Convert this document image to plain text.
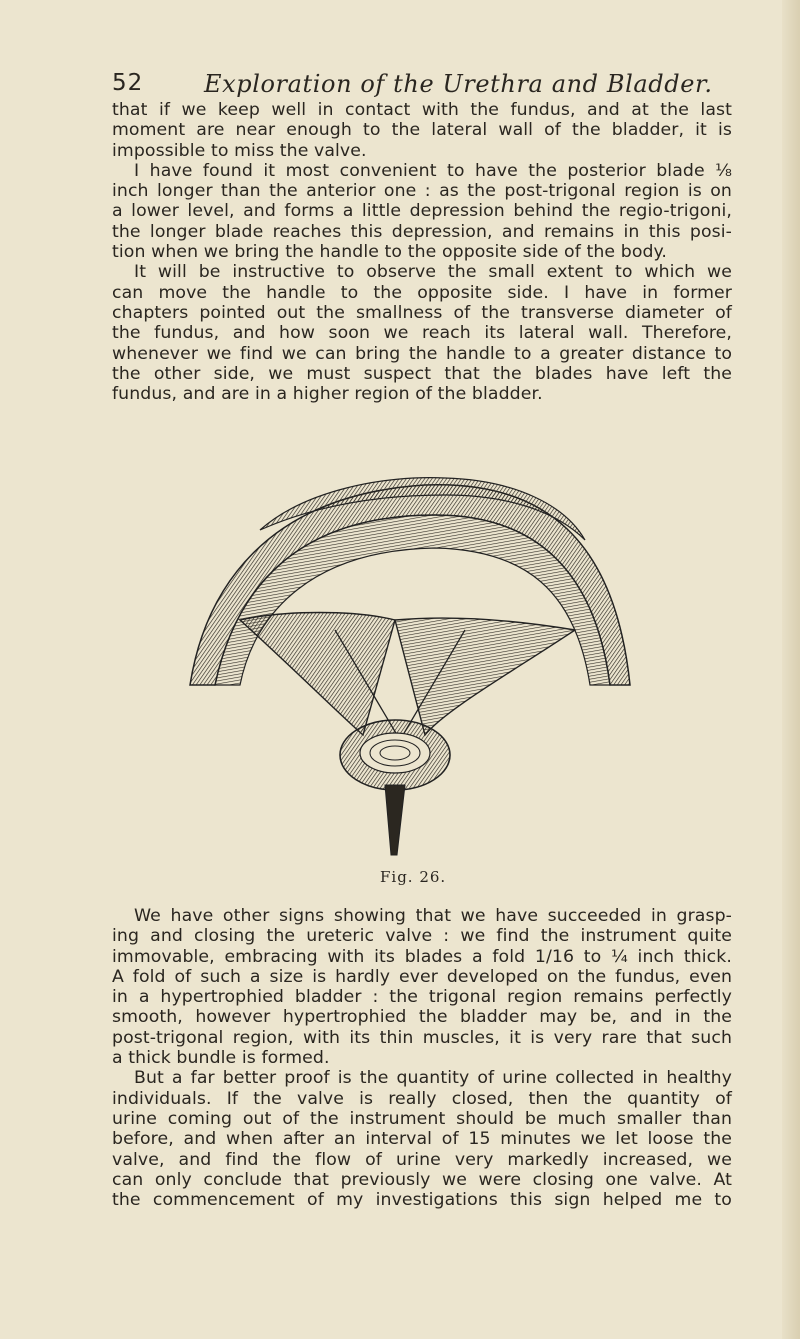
52	Exploration of the Urethra and Bladder.
that if we keep well in contact with the fundus, and at the last
moment are near enough to the lateral wall of the bladder, it is
impossible to miss the valve.
I have found it most convenient to have the posterior blade ⅛
inch longer than the anterior one : as the post-trigonal region is on
a lower level, and forms a little depression behind the regio-trigoni,
the longer blade reaches this depression, and remains in this posi-
tion when we bring the handle to the opposite side of the body.
It will be instructive to observe the small extent to which we
can move the handle to the opposite side. I have in former
chapters pointed out the smallness of the transverse diameter of
the fundus, and how soon we reach its lateral wall. Therefore,
whenever we find we can bring the handle to a greater distance to
the other side, we must suspect that the blades have left the
fundus, and are in a higher region of the bladder.
Fig. 26.
We have other signs showing that we have succeeded in grasp-
ing and closing the ureteric valve : we find the instrument quite
immovable, embracing with its blades a fold 1/16 to ¼ inch thick.
A fold of such a size is hardly ever developed on the fundus, even
in a hypertrophied bladder : the trigonal region remains perfectly
smooth, however hypertrophied the bladder may be, and in the
post-trigonal region, with its thin muscles, it is very rare that such
a thick bundle is formed.
But a far better proof is the quantity of urine collected in healthy
individuals. If the valve is really closed, then the quantity of
urine coming out of the instrument should be much smaller than
before, and when after an interval of 15 minutes we let loose the
valve, and find the flow of urine very markedly increased, we
can only conclude that previously we were closing one valve. At
the commencement of my investigations this sign helped me to
